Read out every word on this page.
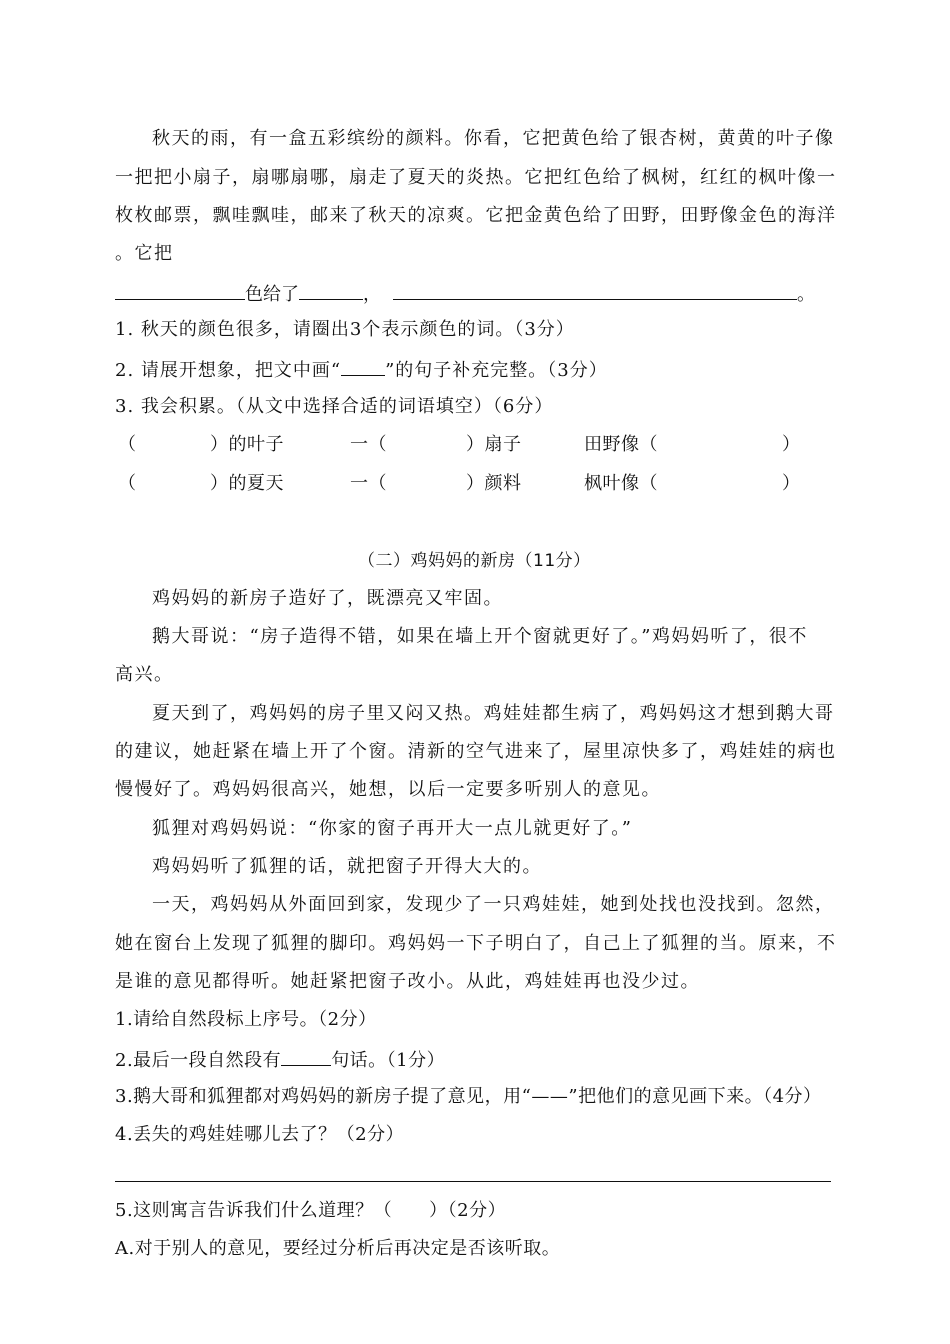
秋天的雨，有一盒五彩缤纷的颜料。你看，它把黄色给了银杏树，黄黄的叶子像
一把把小扇子，扇哪扇哪，扇走了夏天的炎热。它把红色给了枫树，红红的枫叶像一
枚枚邮票，飘哇飘哇，邮来了秋天的凉爽。它把金黄色给了田野，田野像金色的海洋
。它把
色给了	，	。
1. 秋天的颜色很多，请圈出3个表示颜色的词。（3分）
2. 请展开想象，把文中画“ ”的句子补充完整。（3分）
3. 我会积累。（从文中选择合适的词语填空）（6分）
（	）的叶子	一（	）扇子	田野像（	）
（	）的夏天	一（	）颜料	枫叶像（	）
（二）鸡妈妈的新房（11分）
鸡妈妈的新房子造好了，既漂亮又牢固。
鹅大哥说：“房子造得不错，如果在墙上开个窗就更好了。”鸡妈妈听了，很不
高兴。
夏天到了，鸡妈妈的房子里又闷又热。鸡娃娃都生病了，鸡妈妈这才想到鹅大哥
的建议，她赶紧在墙上开了个窗。清新的空气进来了，屋里凉快多了，鸡娃娃的病也
慢慢好了。鸡妈妈很高兴，她想，以后一定要多听别人的意见。
狐狸对鸡妈妈说：“你家的窗子再开大一点儿就更好了。”
鸡妈妈听了狐狸的话，就把窗子开得大大的。
一天，鸡妈妈从外面回到家，发现少了一只鸡娃娃，她到处找也没找到。忽然，
她在窗台上发现了狐狸的脚印。鸡妈妈一下子明白了，自己上了狐狸的当。原来，不
是谁的意见都得听。她赶紧把窗子改小。从此，鸡娃娃再也没少过。
1.请给自然段标上序号。（2分）
2.最后一段自然段有	句话。（1分）
3.鹅大哥和狐狸都对鸡妈妈的新房子提了意见，用“——”把他们的意见画下来。（4分）
4.丢失的鸡娃娃哪儿去了？（2分）
5.这则寓言告诉我们什么道理？（　　）（2分）
A.对于别人的意见，要经过分析后再决定是否该听取。
